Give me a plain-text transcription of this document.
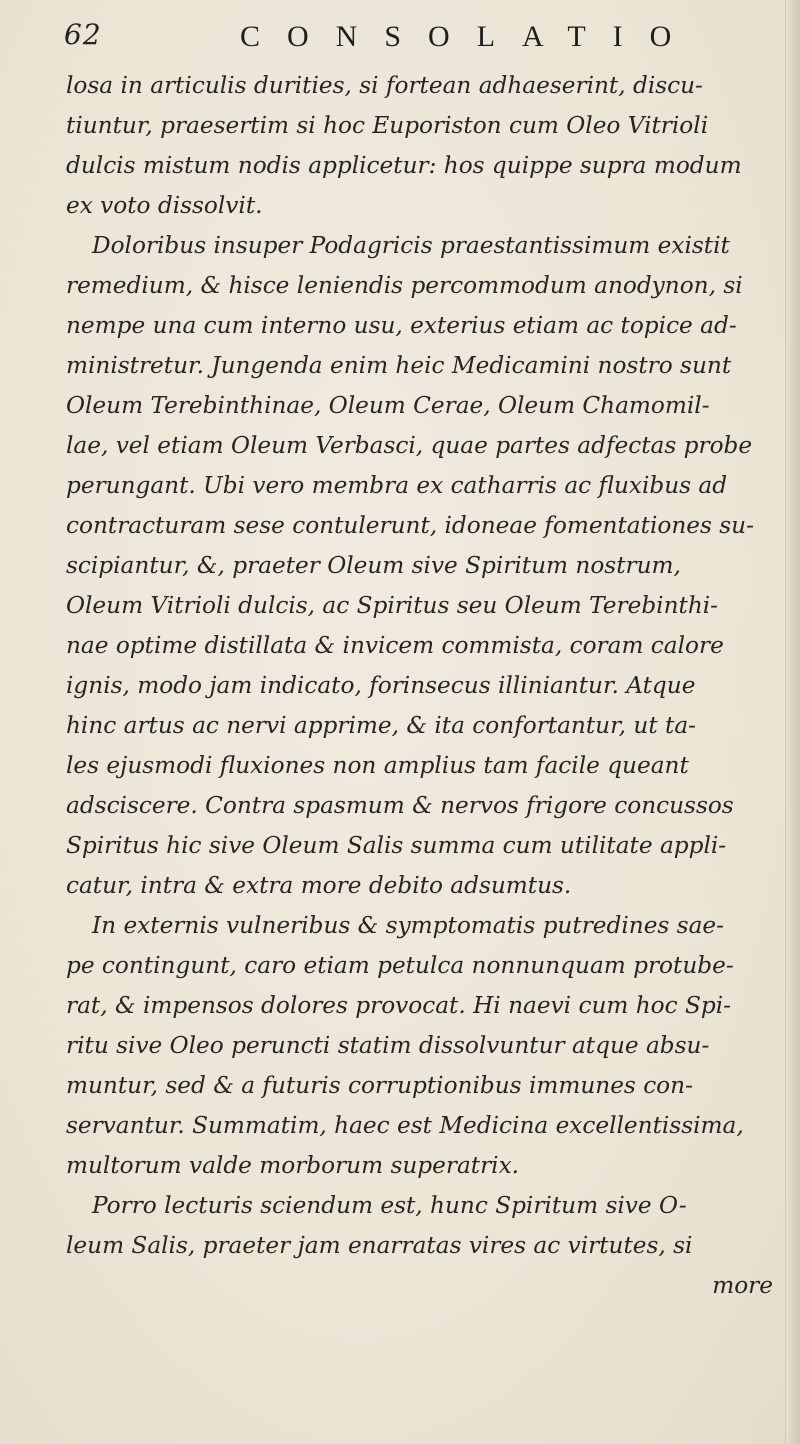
62	CONSOLATIO
losa in articulis durities, si fortean adhaeserint, discu-
tiuntur, praesertim si hoc Euporiston cum Oleo Vitrioli
dulcis mistum nodis applicetur: hos quippe supra modum
ex voto dissolvit.
Doloribus insuper Podagricis praestantissimum existit
remedium, & hisce leniendis percommodum anodynon, si
nempe una cum interno usu, exterius etiam ac topice ad-
ministretur. Jungenda enim heic Medicamini nostro sunt
Oleum Terebinthinae, Oleum Cerae, Oleum Chamomil-
lae, vel etiam Oleum Verbasci, quae partes adfectas probe
perungant. Ubi vero membra ex catharris ac fluxibus ad
contracturam sese contulerunt, idoneae fomentationes su-
scipiantur, &, praeter Oleum sive Spiritum nostrum,
Oleum Vitrioli dulcis, ac Spiritus seu Oleum Terebinthi-
nae optime distillata & invicem commista, coram calore
ignis, modo jam indicato, forinsecus illiniantur. Atque
hinc artus ac nervi apprime, & ita confortantur, ut ta-
les ejusmodi fluxiones non amplius tam facile queant
adsciscere. Contra spasmum & nervos frigore concussos
Spiritus hic sive Oleum Salis summa cum utilitate appli-
catur, intra & extra more debito adsumtus.
In externis vulneribus & symptomatis putredines sae-
pe contingunt, caro etiam petulca nonnunquam protube-
rat, & impensos dolores provocat. Hi naevi cum hoc Spi-
ritu sive Oleo peruncti statim dissolvuntur atque absu-
muntur, sed & a futuris corruptionibus immunes con-
servantur. Summatim, haec est Medicina excellentissima,
multorum valde morborum superatrix.
Porro lecturis sciendum est, hunc Spiritum sive O-
leum Salis, praeter jam enarratas vires ac virtutes, si
more
